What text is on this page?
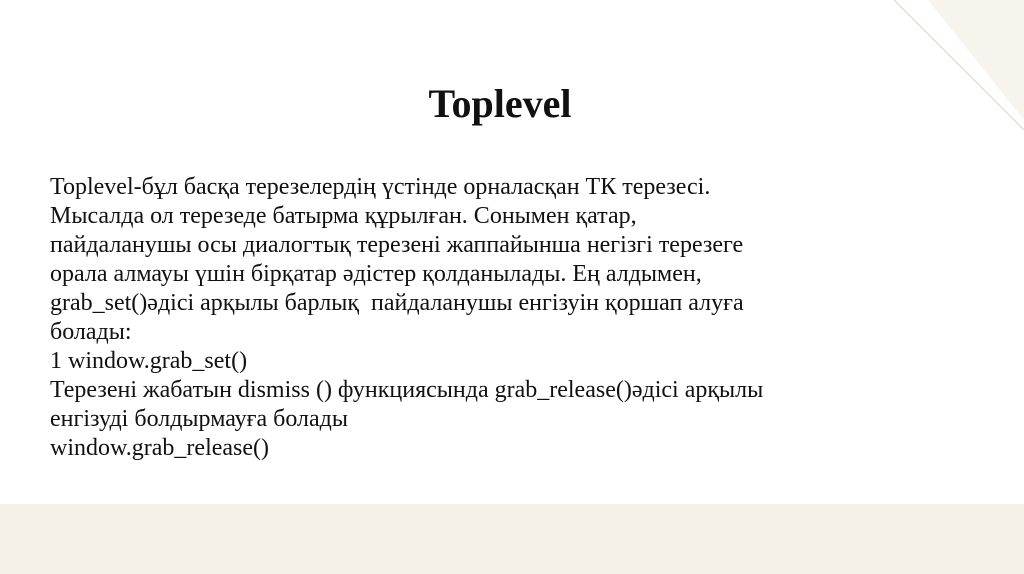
Toplevel
Toplevel-бұл басқа терезелердің үстінде орналасқан ТК терезесі.
Мысалда ол терезеде батырма құрылған. Сонымен қатар,
пайдаланушы осы диалогтық терезені жаппайынша негізгі терезеге
орала алмауы үшін бірқатар әдістер қолданылады. Ең алдымен,
grab_set()әдісі арқылы барлық  пайдаланушы енгізуін қоршап алуға
болады:
1 window.grab_set()
Терезені жабатын dismiss () функциясында grab_release()әдісі арқылы
енгізуді болдырмауға болады
window.grab_release()
